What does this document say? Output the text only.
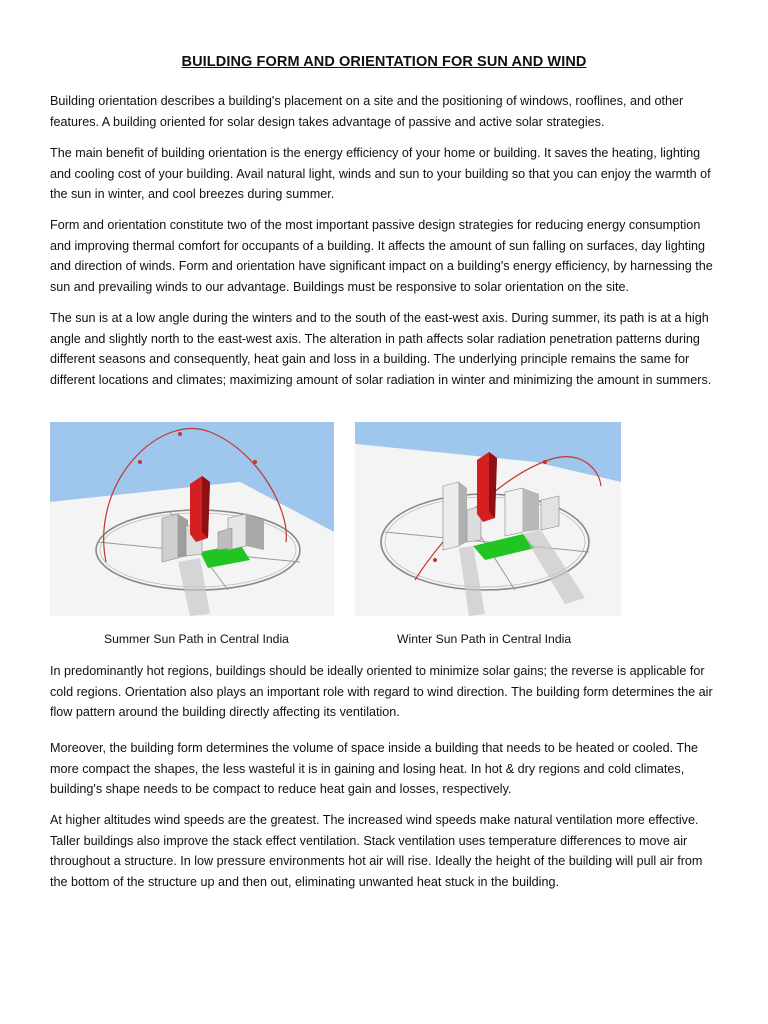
BUILDING FORM AND ORIENTATION FOR SUN AND WIND

Building orientation describes a building's placement on a site and the positioning of windows, rooflines, and other features. A building oriented for solar design takes advantage of passive and active solar strategies.

The main benefit of building orientation is the energy efficiency of your home or building. It saves the heating, lighting and cooling cost of your building. Avail natural light, winds and sun to your building so that you can enjoy the warmth of the sun in winter, and cool breezes during summer.

Form and orientation constitute two of the most important passive design strategies for reducing energy consumption and improving thermal comfort for occupants of a building. It affects the amount of sun falling on surfaces, day lighting and direction of winds. Form and orientation have significant impact on a building's energy efficiency, by harnessing the sun and prevailing winds to our advantage. Buildings must be responsive to solar orientation on the site.

The sun is at a low angle during the winters and to the south of the east-west axis. During summer, its path is at a high angle and slightly north to the east-west axis. The alteration in path affects solar radiation penetration patterns during different seasons and consequently, heat gain and loss in a building. The underlying principle remains the same for different locations and climates; maximizing amount of solar radiation in winter and minimizing the amount in summers.

Summer Sun Path in Central India	Winter Sun Path in Central India

In predominantly hot regions, buildings should be ideally oriented to minimize solar gains; the reverse is applicable for cold regions. Orientation also plays an important role with regard to wind direction. The building form determines the air flow pattern around the building directly affecting its ventilation.

Moreover, the building form determines the volume of space inside a building that needs to be heated or cooled. The more compact the shapes, the less wasteful it is in gaining and losing heat. In hot & dry regions and cold climates, building's shape needs to be compact to reduce heat gain and losses, respectively.

At higher altitudes wind speeds are the greatest. The increased wind speeds make natural ventilation more effective. Taller buildings also improve the stack effect ventilation. Stack ventilation uses temperature differences to move air throughout a structure. In low pressure environments hot air will rise. Ideally the height of the building will pull air from the bottom of the structure up and then out, eliminating unwanted heat stuck in the building.
